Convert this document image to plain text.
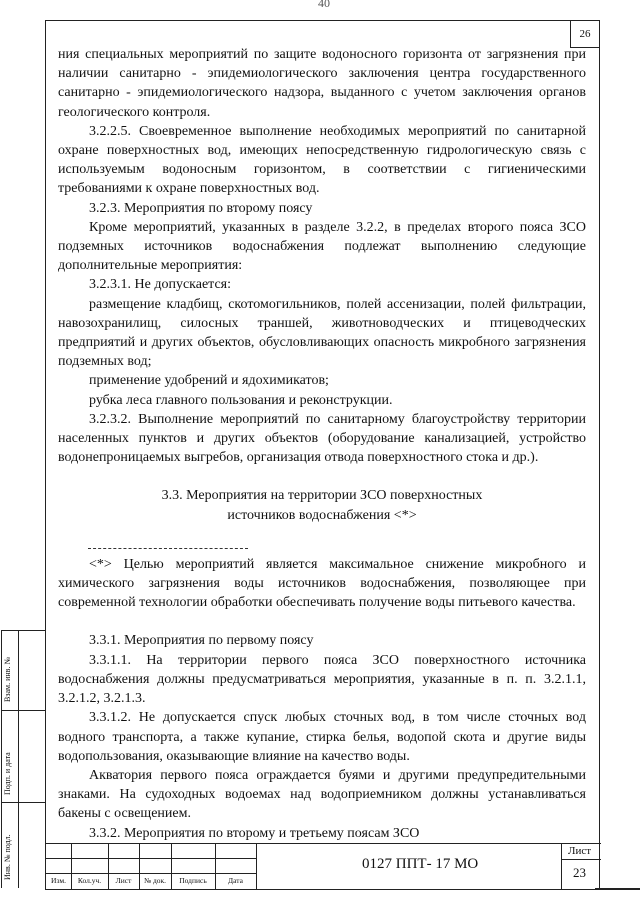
40
26

ния специальных мероприятий по защите водоносного горизонта от загрязнения при наличии санитарно - эпидемиологического заключения центра государственного санитарно - эпидемиологического надзора, выданного с учетом заключения органов геологического контроля.

3.2.2.5. Своевременное выполнение необходимых мероприятий по санитарной охране поверхностных вод, имеющих непосредственную гидрологическую связь с используемым водоносным горизонтом, в соответствии с гигиеническими требованиями к охране поверхностных вод.

3.2.3. Мероприятия по второму поясу

Кроме мероприятий, указанных в разделе 3.2.2, в пределах второго пояса ЗСО подземных источников водоснабжения подлежат выполнению следующие дополнительные мероприятия:

3.2.3.1. Не допускается:

размещение кладбищ, скотомогильников, полей ассенизации, полей фильтрации, навозохранилищ, силосных траншей, животноводческих и птицеводческих предприятий и других объектов, обусловливающих опасность микробного загрязнения подземных вод;

применение удобрений и ядохимикатов;

рубка леса главного пользования и реконструкции.

3.2.3.2. Выполнение мероприятий по санитарному благоустройству территории населенных пунктов и других объектов (оборудование канализацией, устройство водонепроницаемых выгребов, организация отвода поверхностного стока и др.).

3.3. Мероприятия на территории ЗСО поверхностных

источников водоснабжения <*>

<*> Целью мероприятий является максимальное снижение микробного и химического загрязнения воды источников водоснабжения, позволяющее при современной технологии обработки обеспечивать получение воды питьевого качества.

3.3.1. Мероприятия по первому поясу

3.3.1.1. На территории первого пояса ЗСО поверхностного источника водоснабжения должны предусматриваться мероприятия, указанные в п. п. 3.2.1.1, 3.2.1.2, 3.2.1.3.

3.3.1.2. Не допускается спуск любых сточных вод, в том числе сточных вод водного транспорта, а также купание, стирка белья, водопой скота и другие виды водопользования, оказывающие влияние на качество воды.

Акватория первого пояса ограждается буями и другими предупредительными знаками. На судоходных водоемах над водоприемником должны устанавливаться бакены с освещением.

3.3.2. Мероприятия по второму и третьему поясам ЗСО

Изм.	Кол.уч.	Лист	№ док.	Подпись	Дата
0127 ППТ- 17 МО
Лист
23
Взам. инв. №
Подп. и дата
Инв. № подл.
